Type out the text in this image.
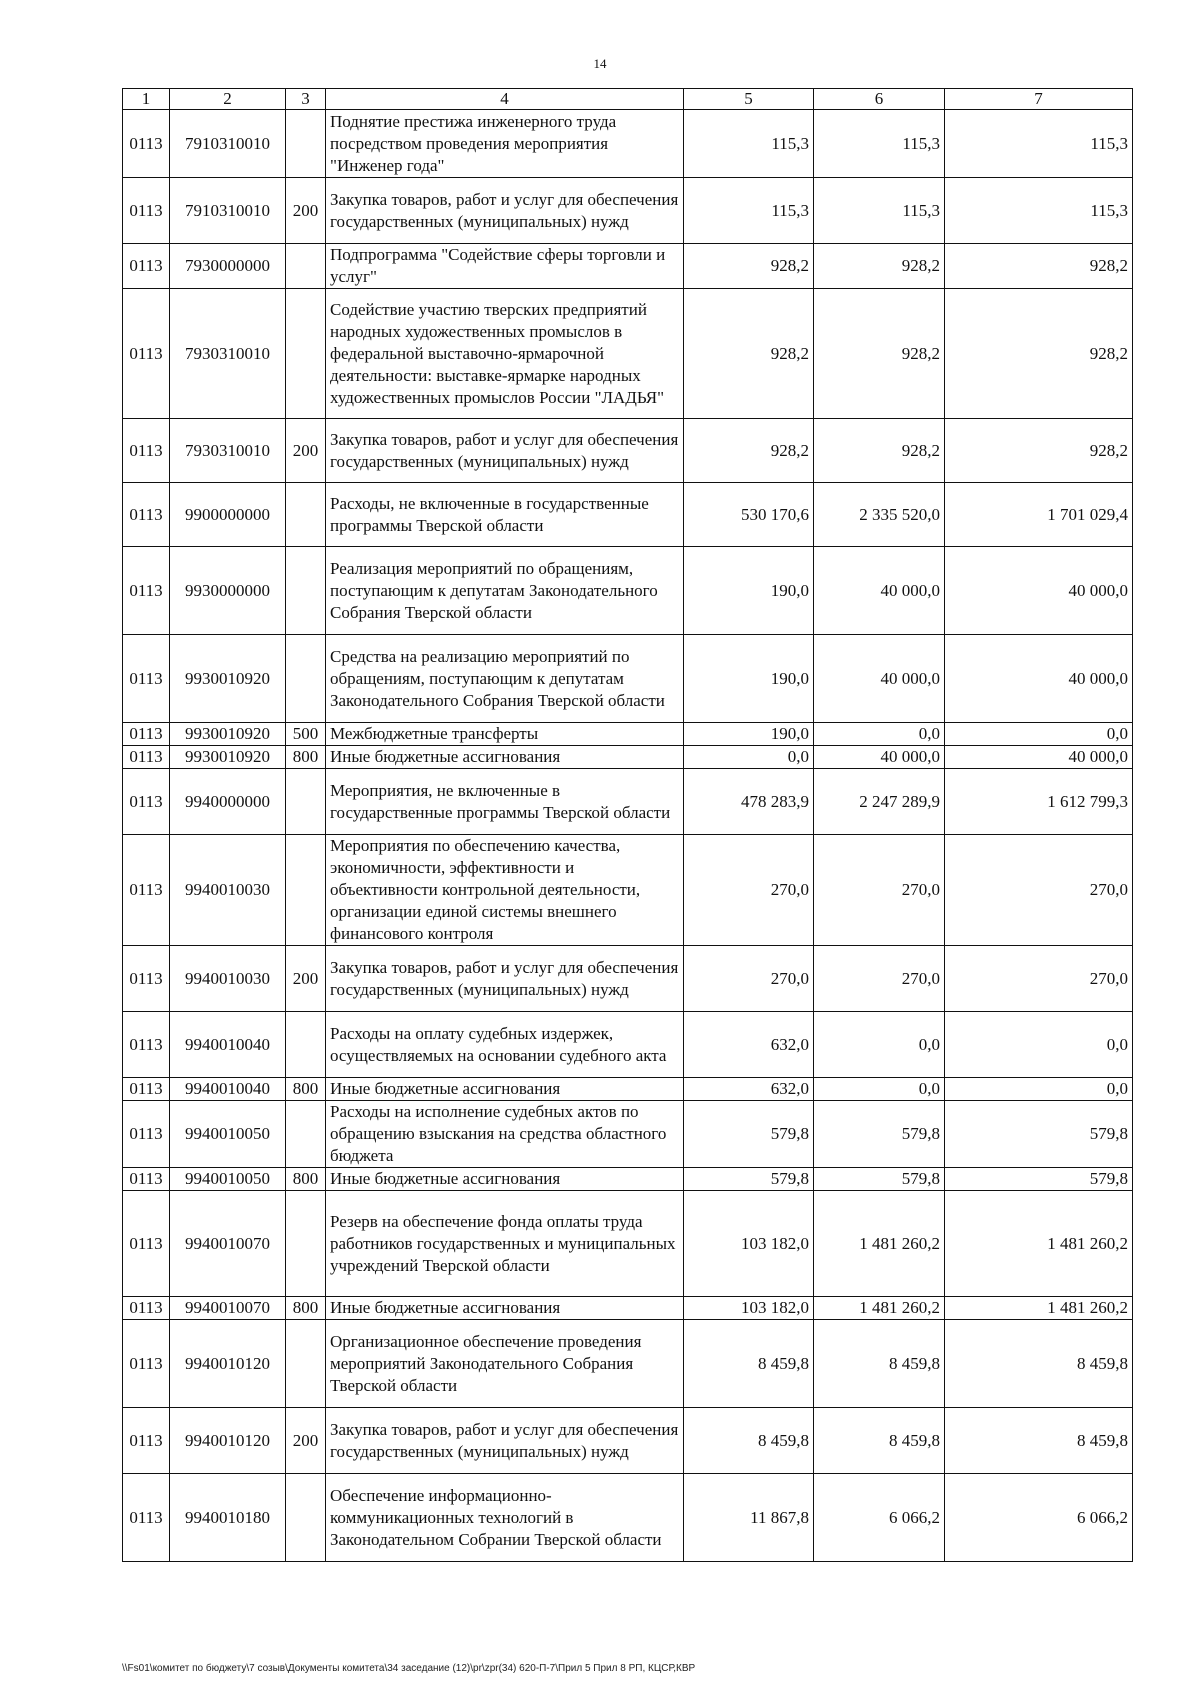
14
1	2	3	4	5	6	7
0113	7910310010		Поднятие престижа инженерного труда посредством проведения мероприятия "Инженер года"	115,3	115,3	115,3
0113	7910310010	200	Закупка товаров, работ и услуг для обеспечения государственных (муниципальных) нужд	115,3	115,3	115,3
0113	7930000000		Подпрограмма "Содействие сферы торговли и услуг"	928,2	928,2	928,2
0113	7930310010		Содействие участию тверских предприятий народных художественных промыслов в федеральной выставочно-ярмарочной деятельности: выставке-ярмарке народных художественных промыслов России "ЛАДЬЯ"	928,2	928,2	928,2
0113	7930310010	200	Закупка товаров, работ и услуг для обеспечения государственных (муниципальных) нужд	928,2	928,2	928,2
0113	9900000000		Расходы, не включенные в государственные программы Тверской области	530 170,6	2 335 520,0	1 701 029,4
0113	9930000000		Реализация мероприятий по обращениям, поступающим к депутатам Законодательного Собрания Тверской области	190,0	40 000,0	40 000,0
0113	9930010920		Средства на реализацию мероприятий по обращениям, поступающим к депутатам Законодательного Собрания Тверской области	190,0	40 000,0	40 000,0
0113	9930010920	500	Межбюджетные трансферты	190,0	0,0	0,0
0113	9930010920	800	Иные бюджетные ассигнования	0,0	40 000,0	40 000,0
0113	9940000000		Мероприятия, не включенные в государственные программы Тверской области	478 283,9	2 247 289,9	1 612 799,3
0113	9940010030		Мероприятия по обеспечению качества, экономичности, эффективности и объективности контрольной деятельности, организации единой системы внешнего финансового контроля	270,0	270,0	270,0
0113	9940010030	200	Закупка товаров, работ и услуг для обеспечения государственных (муниципальных) нужд	270,0	270,0	270,0
0113	9940010040		Расходы на оплату судебных издержек, осуществляемых на основании судебного акта	632,0	0,0	0,0
0113	9940010040	800	Иные бюджетные ассигнования	632,0	0,0	0,0
0113	9940010050		Расходы на исполнение судебных актов по обращению взыскания на средства областного бюджета	579,8	579,8	579,8
0113	9940010050	800	Иные бюджетные ассигнования	579,8	579,8	579,8
0113	9940010070		Резерв на обеспечение фонда оплаты труда работников государственных и муниципальных учреждений Тверской области	103 182,0	1 481 260,2	1 481 260,2
0113	9940010070	800	Иные бюджетные ассигнования	103 182,0	1 481 260,2	1 481 260,2
0113	9940010120		Организационное обеспечение проведения мероприятий Законодательного Собрания Тверской области	8 459,8	8 459,8	8 459,8
0113	9940010120	200	Закупка товаров, работ и услуг для обеспечения государственных (муниципальных) нужд	8 459,8	8 459,8	8 459,8
0113	9940010180		Обеспечение информационно-коммуникационных технологий в Законодательном Собрании Тверской области	11 867,8	6 066,2	6 066,2
\\Fs01\комитет по бюджету\7 созыв\Документы комитета\34 заседание (12)\pr\zpr(34) 620-П-7\Прил 5 Прил 8 РП, КЦСР,КВР
